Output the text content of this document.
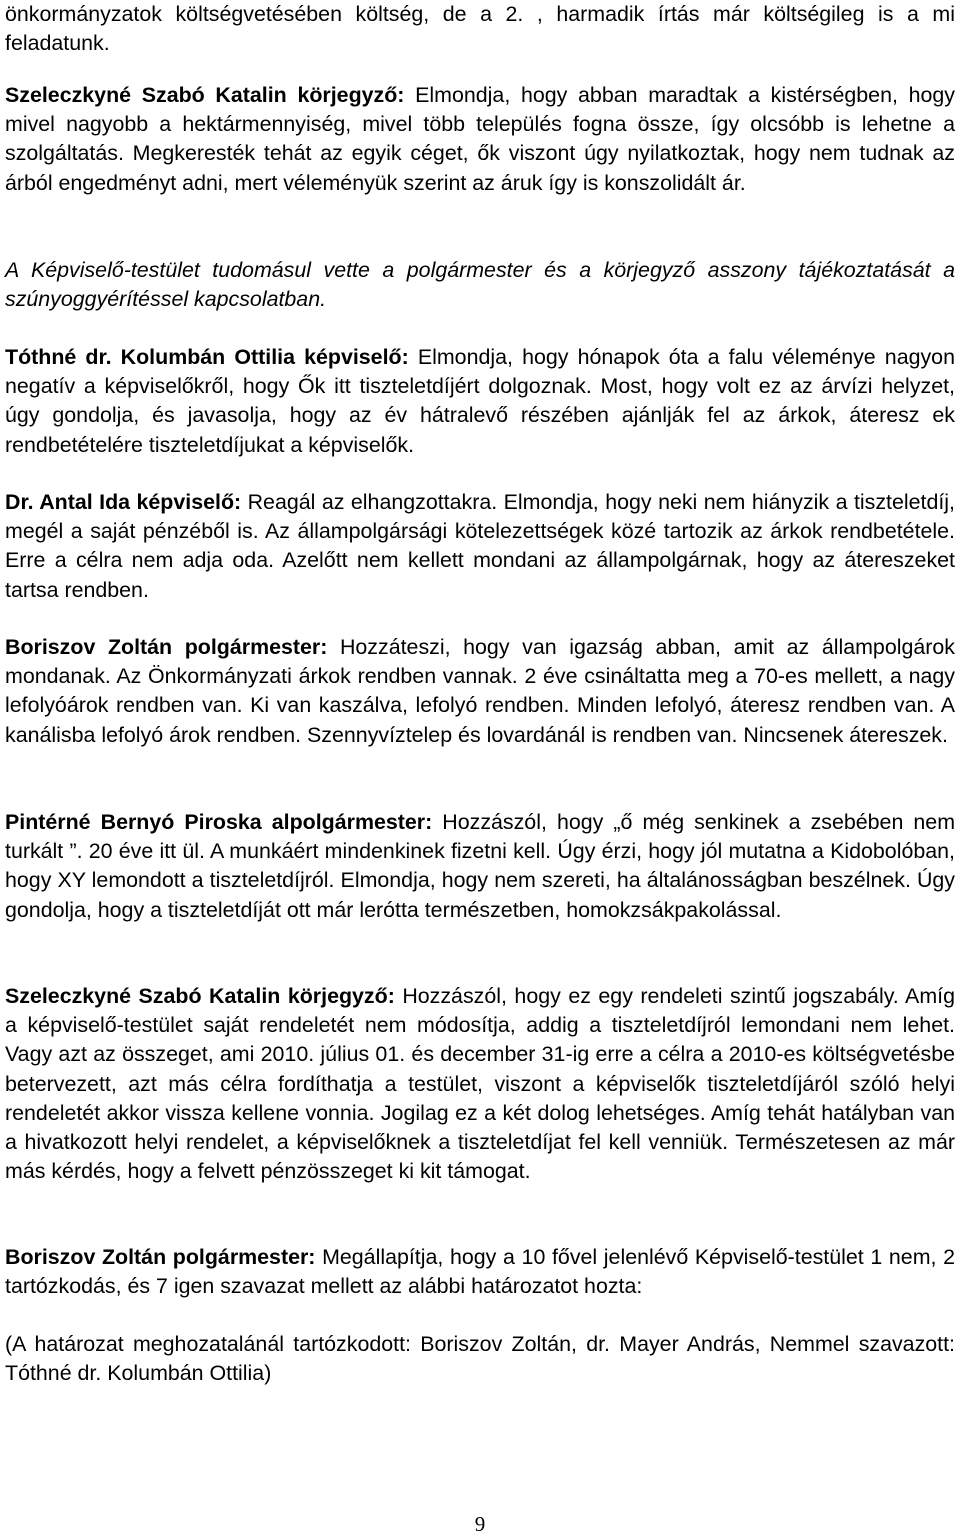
önkormányzatok költségvetésében költség, de a 2. , harmadik írtás már költségileg is a mi feladatunk.

Szeleczkyné Szabó Katalin körjegyző: Elmondja, hogy abban maradtak a kistérségben, hogy mivel nagyobb a hektármennyiség, mivel több település fogna össze, így olcsóbb is lehetne a szolgáltatás. Megkeresték tehát az egyik céget, ők viszont úgy nyilatkoztak, hogy nem tudnak az árból engedményt adni, mert véleményük szerint az áruk így is konszolidált ár.

A Képviselő-testület tudomásul vette a polgármester és a körjegyző asszony tájékoztatását a szúnyoggyérítéssel kapcsolatban.

Tóthné dr. Kolumbán Ottilia képviselő: Elmondja, hogy hónapok óta a falu véleménye nagyon negatív a képviselőkről, hogy Ők itt tiszteletdíjért dolgoznak. Most, hogy volt ez az árvízi helyzet, úgy gondolja, és javasolja, hogy az év hátralevő részében ajánlják fel az árkok, áteresz ek rendbetételére tiszteletdíjukat a képviselők.

Dr. Antal Ida képviselő: Reagál az elhangzottakra. Elmondja, hogy neki nem hiányzik a tiszteletdíj, megél a saját pénzéből is. Az állampolgársági kötelezettségek közé tartozik az árkok rendbetétele. Erre a célra nem adja oda. Azelőtt nem kellett mondani az állampolgárnak, hogy az átereszeket tartsa rendben.

Boriszov Zoltán polgármester: Hozzáteszi, hogy van igazság abban, amit az állampolgárok mondanak. Az Önkormányzati árkok rendben vannak. 2 éve csináltatta meg a 70-es mellett, a nagy lefolyóárok rendben van. Ki van kaszálva, lefolyó rendben. Minden lefolyó, áteresz rendben van. A kanálisba lefolyó árok rendben. Szennyvíztelep és lovardánál is rendben van. Nincsenek átereszek.

Pintérné Bernyó Piroska alpolgármester: Hozzászól, hogy „ő még senkinek a zsebében nem turkált ”. 20 éve itt ül. A munkáért mindenkinek fizetni kell. Úgy érzi, hogy jól mutatna a Kidobolóban, hogy XY lemondott a tiszteletdíjról. Elmondja, hogy nem szereti, ha általánosságban beszélnek. Úgy gondolja, hogy a tiszteletdíját ott már lerótta természetben, homokzsákpakolással.

Szeleczkyné Szabó Katalin körjegyző: Hozzászól, hogy ez egy rendeleti szintű jogszabály. Amíg a képviselő-testület saját rendeletét nem módosítja, addig a tiszteletdíjról lemondani nem lehet. Vagy azt az összeget, ami 2010. július 01. és december 31-ig erre a célra a 2010-es költségvetésbe betervezett, azt más célra fordíthatja a testület, viszont a képviselők tiszteletdíjáról szóló helyi rendeletét akkor vissza kellene vonnia. Jogilag ez a két dolog lehetséges. Amíg tehát hatályban van a hivatkozott helyi rendelet, a képviselőknek a tiszteletdíjat fel kell venniük. Természetesen az már más kérdés, hogy a felvett pénzösszeget ki kit támogat.

Boriszov Zoltán polgármester: Megállapítja, hogy a 10 fővel jelenlévő Képviselő-testület 1 nem, 2 tartózkodás, és 7 igen szavazat mellett az alábbi határozatot hozta:

(A határozat meghozatalánál tartózkodott: Boriszov Zoltán, dr. Mayer András, Nemmel szavazott: Tóthné dr. Kolumbán Ottilia)

9
